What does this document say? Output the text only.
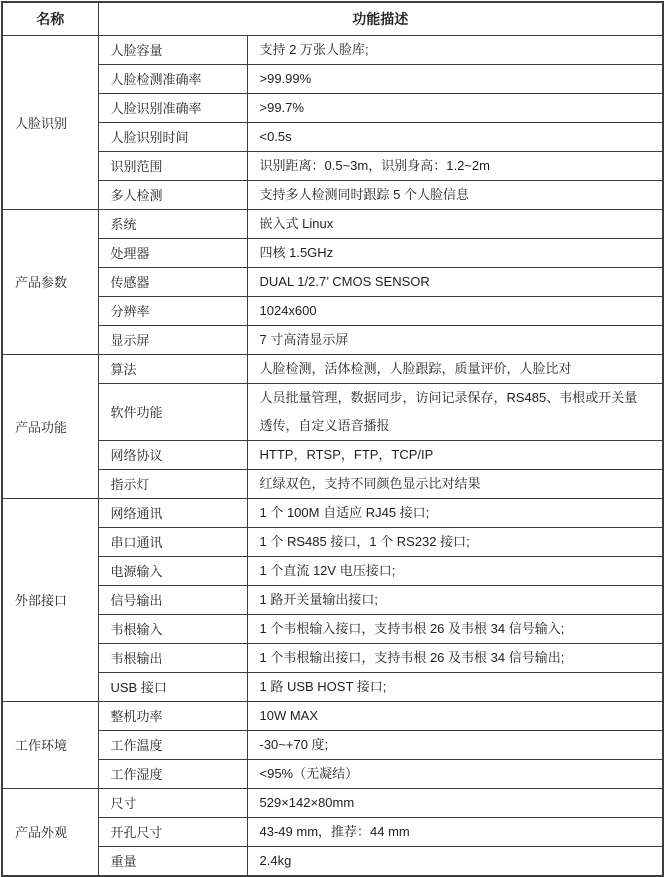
名称	功能描述	
人脸识别	人脸容量	支持 2 万张人脸库;
	人脸检测准确率	>99.99%
	人脸识别准确率	>99.7%
	人脸识别时间	<0.5s
	识别范围	识别距离：0.5~3m，识别身高：1.2~2m
	多人检测	支持多人检测同时跟踪 5 个人脸信息
产品参数	系统	嵌入式 Linux
	处理器	四核 1.5GHz
	传感器	DUAL 1/2.7’ CMOS SENSOR
	分辨率	1024x600
	显示屏	7 寸高清显示屏
产品功能	算法	人脸检测，活体检测，人脸跟踪，质量评价，人脸比对
	软件功能	人员批量管理，数据同步，访问记录保存，RS485、韦根或开关量透传，自定义语音播报
	网络协议	HTTP，RTSP，FTP，TCP/IP
	指示灯	红绿双色，支持不同颜色显示比对结果
外部接口	网络通讯	1 个 100M 自适应 RJ45 接口;
	串口通讯	1 个 RS485 接口，1 个 RS232 接口;
	电源输入	1 个直流 12V 电压接口;
	信号输出	1 路开关量输出接口;
	韦根输入	1 个韦根输入接口，支持韦根 26 及韦根 34 信号输入;
	韦根输出	1 个韦根输出接口，支持韦根 26 及韦根 34 信号输出;
	USB 接口	1 路 USB HOST 接口;
工作环境	整机功率	10W MAX
	工作温度	-30~+70 度;
	工作湿度	<95%（无凝结）
产品外观	尺寸	529×142×80mm
	开孔尺寸	43-49 mm，推荐：44 mm
	重量	2.4kg
